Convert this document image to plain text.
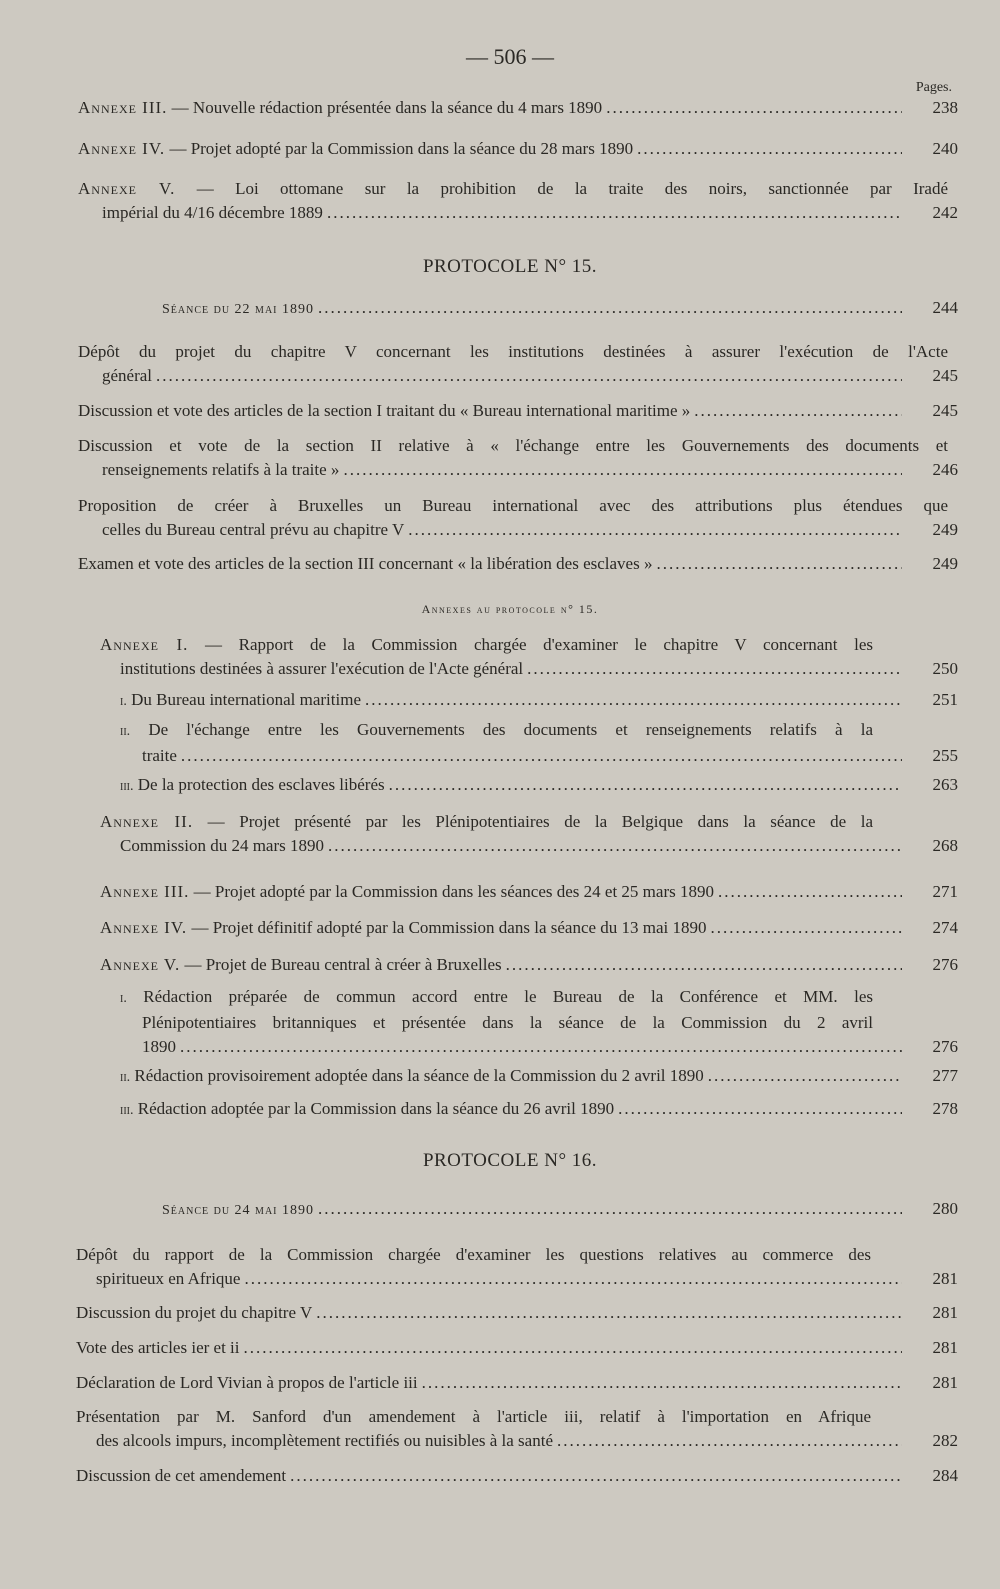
— 506 —
Pages.
Annexe III. — Nouvelle rédaction présentée dans la séance du 4 mars 1890 .....	238
Annexe IV. — Projet adopté par la Commission dans la séance du 28 mars 1890 .....	240
Annexe V. — Loi ottomane sur la prohibition de la traite des noirs, sanctionnée par Iradé
impérial du 4/16 décembre 1889 .....	242
PROTOCOLE N° 15.
Séance du 22 mai 1890 .....	244
Dépôt du projet du chapitre V concernant les institutions destinées à assurer l'exécution de l'Acte
général .....	245
Discussion et vote des articles de la section I traitant du « Bureau international maritime » .....	245
Discussion et vote de la section II relative à « l'échange entre les Gouvernements des documents et
renseignements relatifs à la traite » .....	246
Proposition de créer à Bruxelles un Bureau international avec des attributions plus étendues que
celles du Bureau central prévu au chapitre V .....	249
Examen et vote des articles de la section III concernant « la libération des esclaves » .....	249
Annexes au protocole n° 15.
Annexe I. — Rapport de la Commission chargée d'examiner le chapitre V concernant les
institutions destinées à assurer l'exécution de l'Acte général .....	250
i. Du Bureau international maritime .....	251
ii. De l'échange entre les Gouvernements des documents et renseignements relatifs à la
traite .....	255
iii. De la protection des esclaves libérés .....	263
Annexe II. — Projet présenté par les Plénipotentiaires de la Belgique dans la séance de la
Commission du 24 mars 1890 .....	268
Annexe III. — Projet adopté par la Commission dans les séances des 24 et 25 mars 1890 .....	271
Annexe IV. — Projet définitif adopté par la Commission dans la séance du 13 mai 1890 .....	274
Annexe V. — Projet de Bureau central à créer à Bruxelles .....	276
i. Rédaction préparée de commun accord entre le Bureau de la Conférence et MM. les
Plénipotentiaires britanniques et présentée dans la séance de la Commission du 2 avril
1890 .....	276
ii. Rédaction provisoirement adoptée dans la séance de la Commission du 2 avril 1890 .....	277
iii. Rédaction adoptée par la Commission dans la séance du 26 avril 1890 .....	278
PROTOCOLE N° 16.
Séance du 24 mai 1890 .....	280
Dépôt du rapport de la Commission chargée d'examiner les questions relatives au commerce des
spiritueux en Afrique .....	281
Discussion du projet du chapitre V .....	281
Vote des articles ier et ii .....	281
Déclaration de Lord Vivian à propos de l'article iii .....	281
Présentation par M. Sanford d'un amendement à l'article iii, relatif à l'importation en Afrique
des alcools impurs, incomplètement rectifiés ou nuisibles à la santé .....	282
Discussion de cet amendement .....	284
